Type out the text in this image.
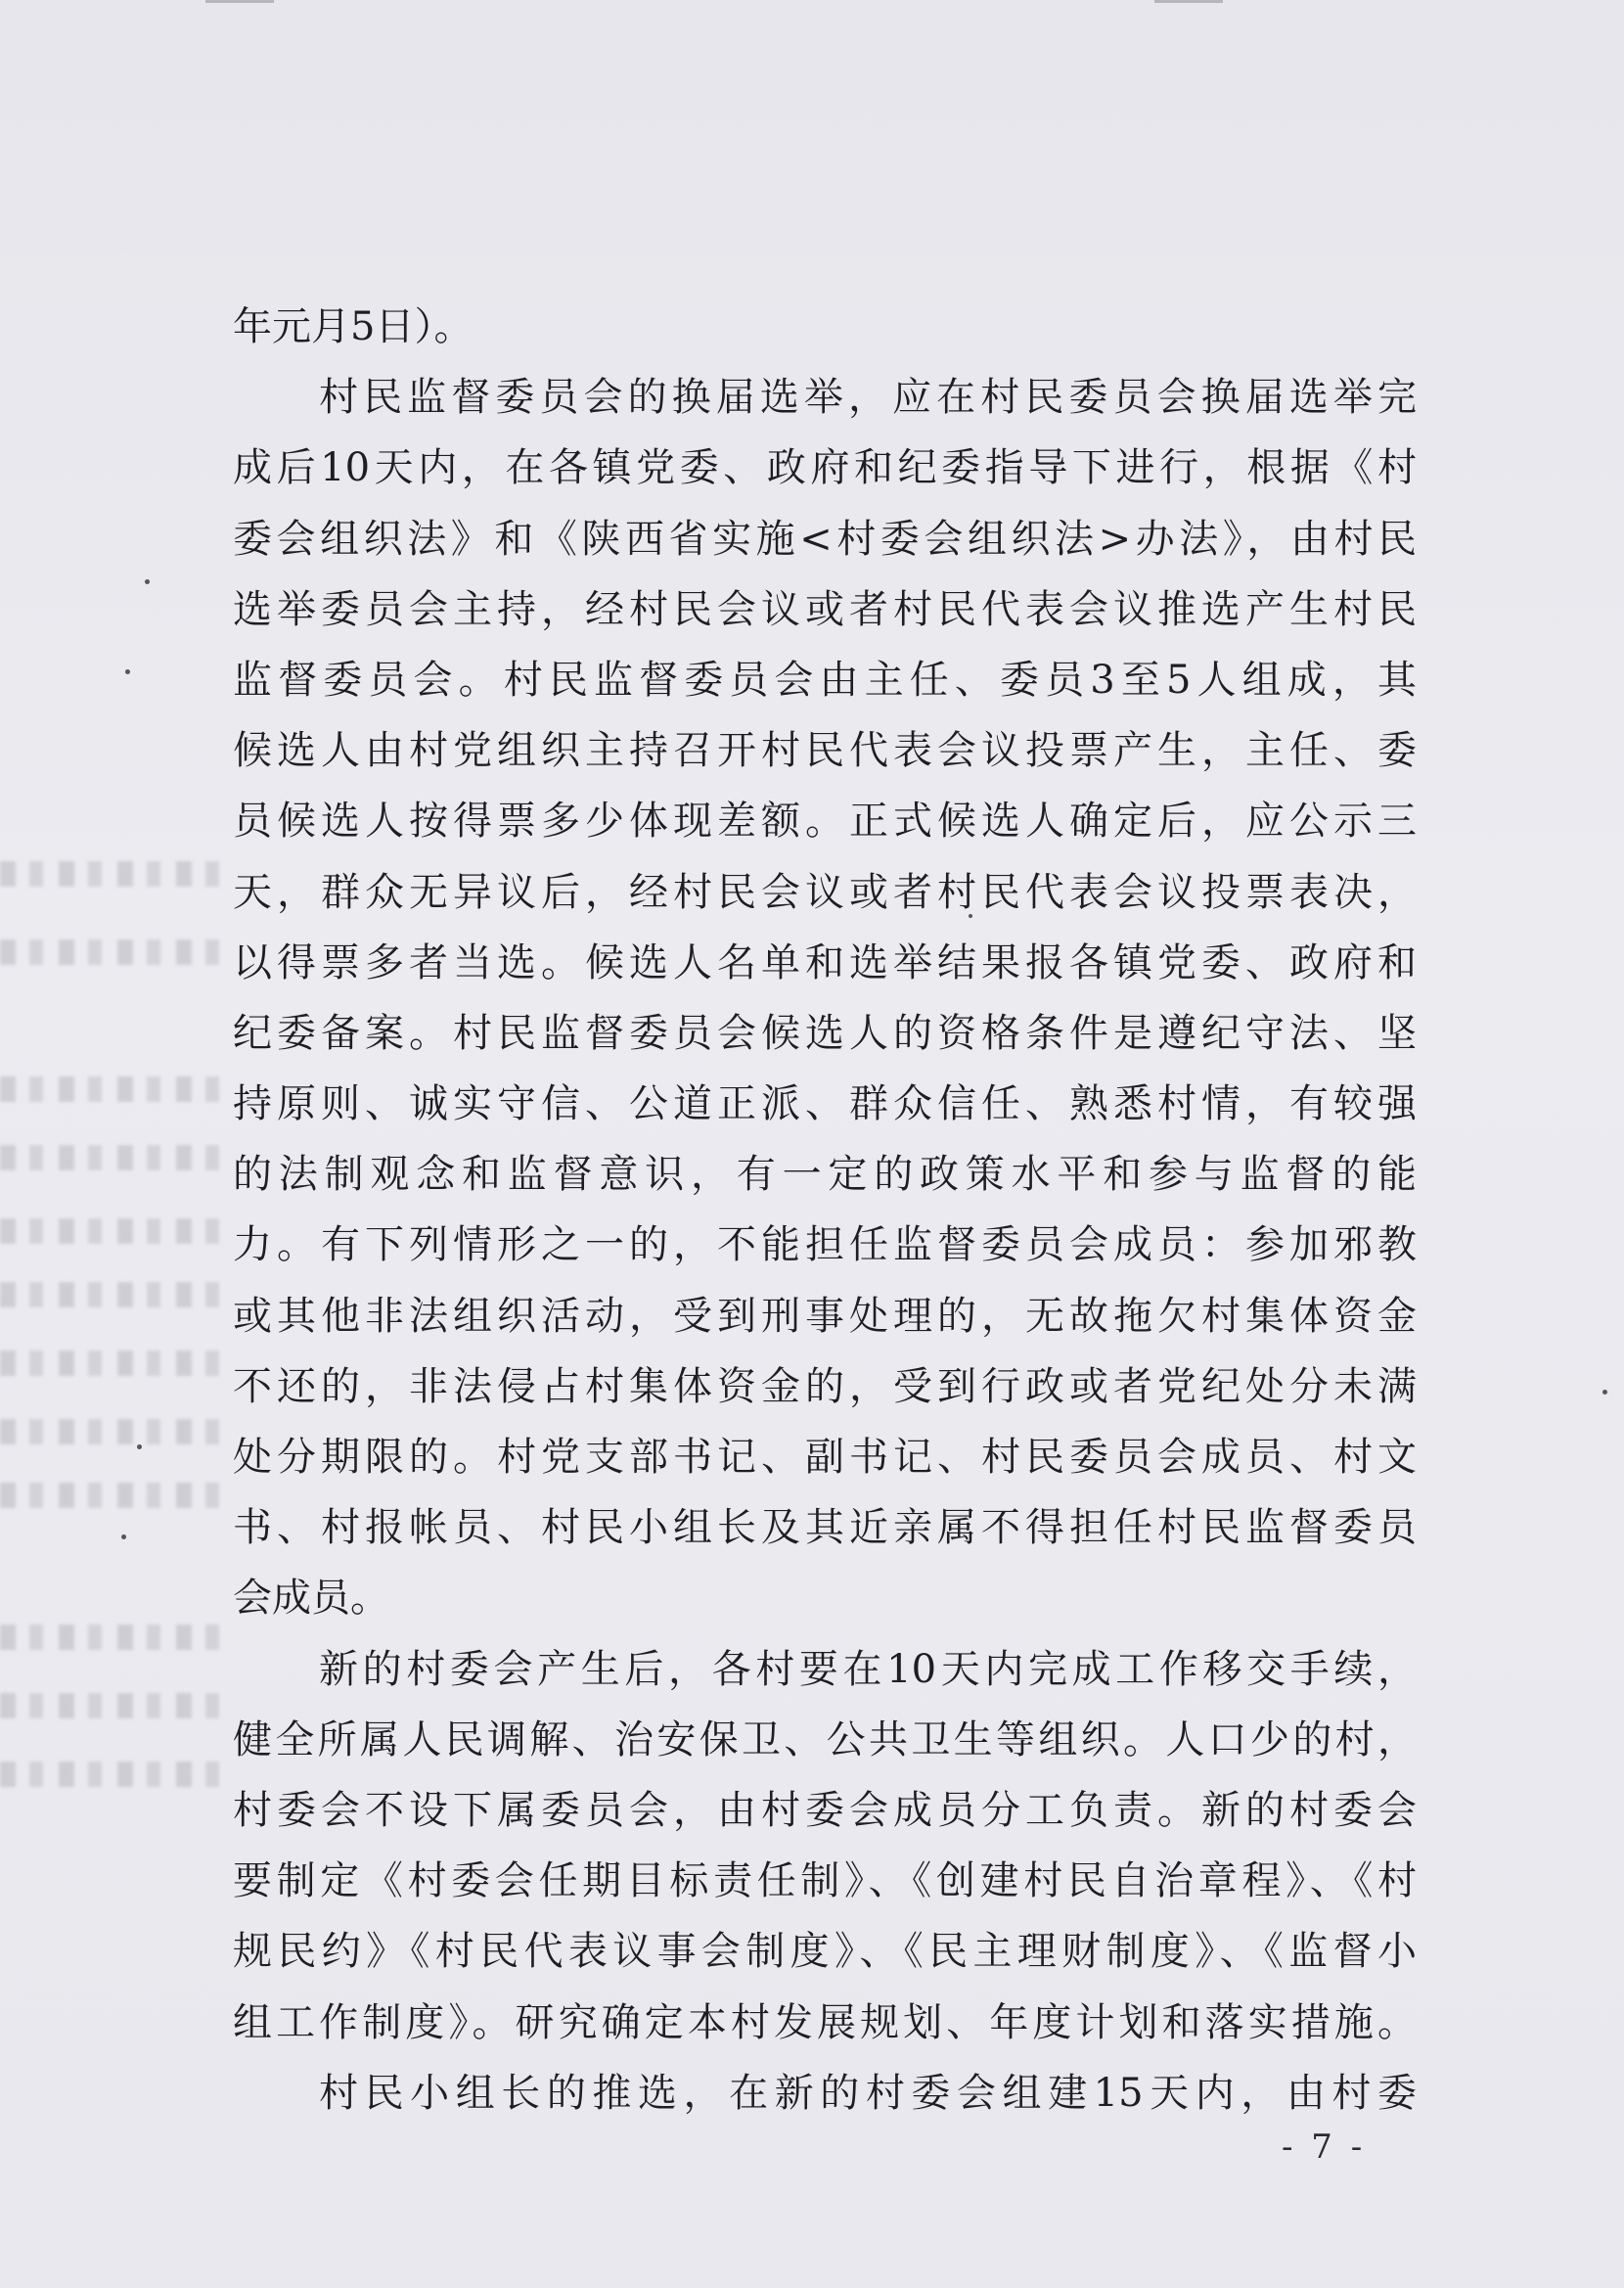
年元月5日）。
村民监督委员会的换届选举，应在村民委员会换届选举完
成后10天内，在各镇党委、政府和纪委指导下进行，根据《村
委会组织法》和《陕西省实施<村委会组织法>办法》，由村民
选举委员会主持，经村民会议或者村民代表会议推选产生村民
监督委员会。村民监督委员会由主任、委员3至5人组成，其
候选人由村党组织主持召开村民代表会议投票产生，主任、委
员候选人按得票多少体现差额。正式候选人确定后，应公示三
天，群众无异议后，经村民会议或者村民代表会议投票表决，
以得票多者当选。候选人名单和选举结果报各镇党委、政府和
纪委备案。村民监督委员会候选人的资格条件是遵纪守法、坚
持原则、诚实守信、公道正派、群众信任、熟悉村情，有较强
的法制观念和监督意识，有一定的政策水平和参与监督的能
力。有下列情形之一的，不能担任监督委员会成员：参加邪教
或其他非法组织活动，受到刑事处理的，无故拖欠村集体资金
不还的，非法侵占村集体资金的，受到行政或者党纪处分未满
处分期限的。村党支部书记、副书记、村民委员会成员、村文
书、村报帐员、村民小组长及其近亲属不得担任村民监督委员
会成员。
新的村委会产生后，各村要在10天内完成工作移交手续，
健全所属人民调解、治安保卫、公共卫生等组织。人口少的村，
村委会不设下属委员会，由村委会成员分工负责。新的村委会
要制定《村委会任期目标责任制》、《创建村民自治章程》、《村
规民约》《村民代表议事会制度》、《民主理财制度》、《监督小
组工作制度》。研究确定本村发展规划、年度计划和落实措施。
村民小组长的推选，在新的村委会组建15天内，由村委
- 7 -
